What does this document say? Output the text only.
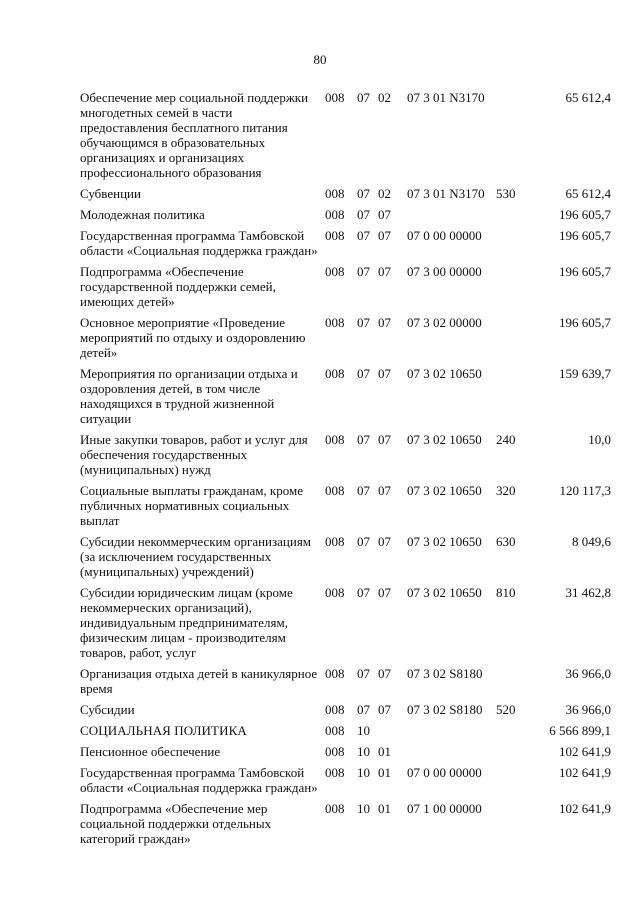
80
Обеспечение мер социальной поддержки многодетных семей в части предоставления бесплатного питания обучающимся в образовательных организациях и организациях профессионального образования	008	07	02	07 3 01 N3170		65 612,4
Субвенции	008	07	02	07 3 01 N3170	530	65 612,4
Молодежная политика	008	07	07			196 605,7
Государственная программа Тамбовской области «Социальная поддержка граждан»	008	07	07	07 0 00 00000		196 605,7
Подпрограмма «Обеспечение государственной поддержки семей, имеющих детей»	008	07	07	07 3 00 00000		196 605,7
Основное мероприятие «Проведение мероприятий по отдыху и оздоровлению детей»	008	07	07	07 3 02 00000		196 605,7
Мероприятия по организации отдыха и оздоровления детей, в том числе находящихся в трудной жизненной ситуации	008	07	07	07 3 02 10650		159 639,7
Иные закупки товаров, работ и услуг для обеспечения государственных (муниципальных) нужд	008	07	07	07 3 02 10650	240	10,0
Социальные выплаты гражданам, кроме публичных нормативных социальных выплат	008	07	07	07 3 02 10650	320	120 117,3
Субсидии некоммерческим организациям (за исключением государственных (муниципальных) учреждений)	008	07	07	07 3 02 10650	630	8 049,6
Субсидии юридическим лицам (кроме некоммерческих организаций), индивидуальным предпринимателям, физическим лицам - производителям товаров, работ, услуг	008	07	07	07 3 02 10650	810	31 462,8
Организация отдыха детей в каникулярное время	008	07	07	07 3 02 S8180		36 966,0
Субсидии	008	07	07	07 3 02 S8180	520	36 966,0
СОЦИАЛЬНАЯ ПОЛИТИКА	008	10				6 566 899,1
Пенсионное обеспечение	008	10	01			102 641,9
Государственная программа Тамбовской области «Социальная поддержка граждан»	008	10	01	07 0 00 00000		102 641,9
Подпрограмма «Обеспечение мер социальной поддержки отдельных категорий граждан»	008	10	01	07 1 00 00000		102 641,9
